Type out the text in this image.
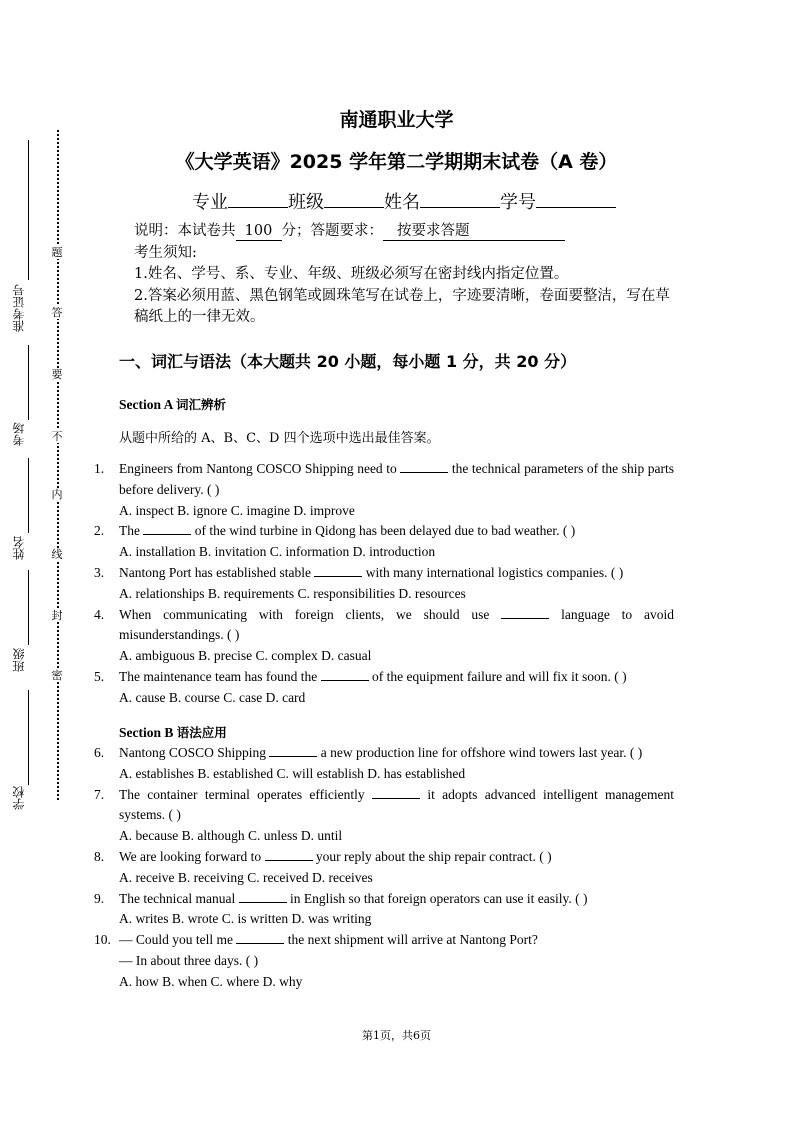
题
答
要
不
内
线
封
密
准考证号
考场
姓名
班级
学校
南通职业大学
《大学英语》2025 学年第二学期期末试卷（A 卷）
专业	班级	姓名	学号
说明：本试卷共 100 分；答题要求： 按要求答题
考生须知:
1.姓名、学号、系、专业、年级、班级必须写在密封线内指定位置。
2.答案必须用蓝、黑色钢笔或圆珠笔写在试卷上，字迹要清晰，卷面要整洁，写在草稿纸上的一律无效。
一、词汇与语法（本大题共 20 小题，每小题 1 分，共 20 分）
Section A 词汇辨析
从题中所给的 A、B、C、D 四个选项中选出最佳答案。
1.	Engineers from Nantong COSCO Shipping need to	the technical parameters of the ship parts before delivery. ( )
A. inspect B. ignore C. imagine D. improve
2.	The	of the wind turbine in Qidong has been delayed due to bad weather. ( )
A. installation B. invitation C. information D. introduction
3.	Nantong Port has established stable	with many international logistics companies. ( )
A. relationships B. requirements C. responsibilities D. resources
4.	When communicating with foreign clients, we should use	language to avoid misunderstandings. ( )
A. ambiguous B. precise C. complex D. casual
5.	The maintenance team has found the	of the equipment failure and will fix it soon. ( )
A. cause B. course C. case D. card
Section B 语法应用
6.	Nantong COSCO Shipping	a new production line for offshore wind towers last year. ( )
A. establishes B. established C. will establish D. has established
7.	The container terminal operates efficiently	it adopts advanced intelligent management systems. ( )
A. because B. although C. unless D. until
8.	We are looking forward to	your reply about the ship repair contract. ( )
A. receive B. receiving C. received D. receives
9.	The technical manual	in English so that foreign operators can use it easily. ( )
A. writes B. wrote C. is written D. was writing
10. — Could you tell me	the next shipment will arrive at Nantong Port?
— In about three days. ( )
A. how B. when C. where D. why
第1页，共6页
